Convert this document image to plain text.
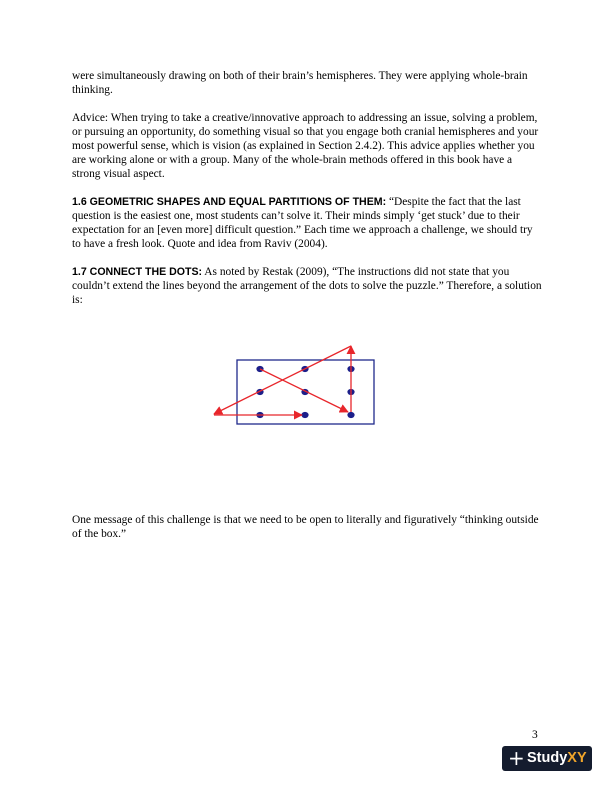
were simultaneously drawing on both of their brain’s hemispheres. They were applying whole-brain thinking.

Advice: When trying to take a creative/innovative approach to addressing an issue, solving a problem, or pursuing an opportunity, do something visual so that you engage both cranial hemispheres and your most powerful sense, which is vision (as explained in Section 2.4.2). This advice applies whether you are working alone or with a group. Many of the whole-brain methods offered in this book have a strong visual aspect.

1.6 GEOMETRIC SHAPES AND EQUAL PARTITIONS OF THEM: “Despite the fact that the last question is the easiest one, most students can’t solve it. Their minds simply ‘get stuck’ due to their expectation for an [even more] difficult question.” Each time we approach a challenge, we should try to have a fresh look. Quote and idea from Raviv (2004).

1.7 CONNECT THE DOTS: As noted by Restak (2009), “The instructions did not state that you couldn’t extend the lines beyond the arrangement of the dots to solve the puzzle.” Therefore, a solution is:

One message of this challenge is that we need to be open to literally and figuratively “thinking outside of the box.”

3
+ StudyXY
